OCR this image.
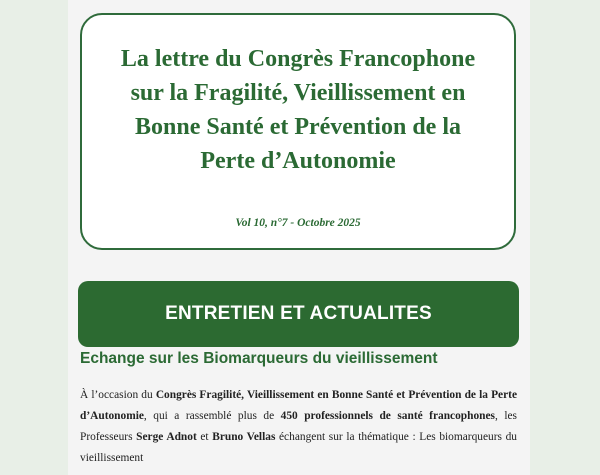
La lettre du Congrès Francophone
sur la Fragilité, Vieillissement en
Bonne Santé et Prévention de la
Perte d’Autonomie
Vol 10, n°7 - Octobre 2025
ENTRETIEN ET ACTUALITES
Echange sur les Biomarqueurs du vieillissement
À l’occasion du Congrès Fragilité, Vieillissement en Bonne Santé et Prévention de la Perte d’Autonomie, qui a rassemblé plus de 450 professionnels de santé francophones, les Professeurs Serge Adnot et Bruno Vellas échangent sur la thématique : Les biomarqueurs du vieillissement
